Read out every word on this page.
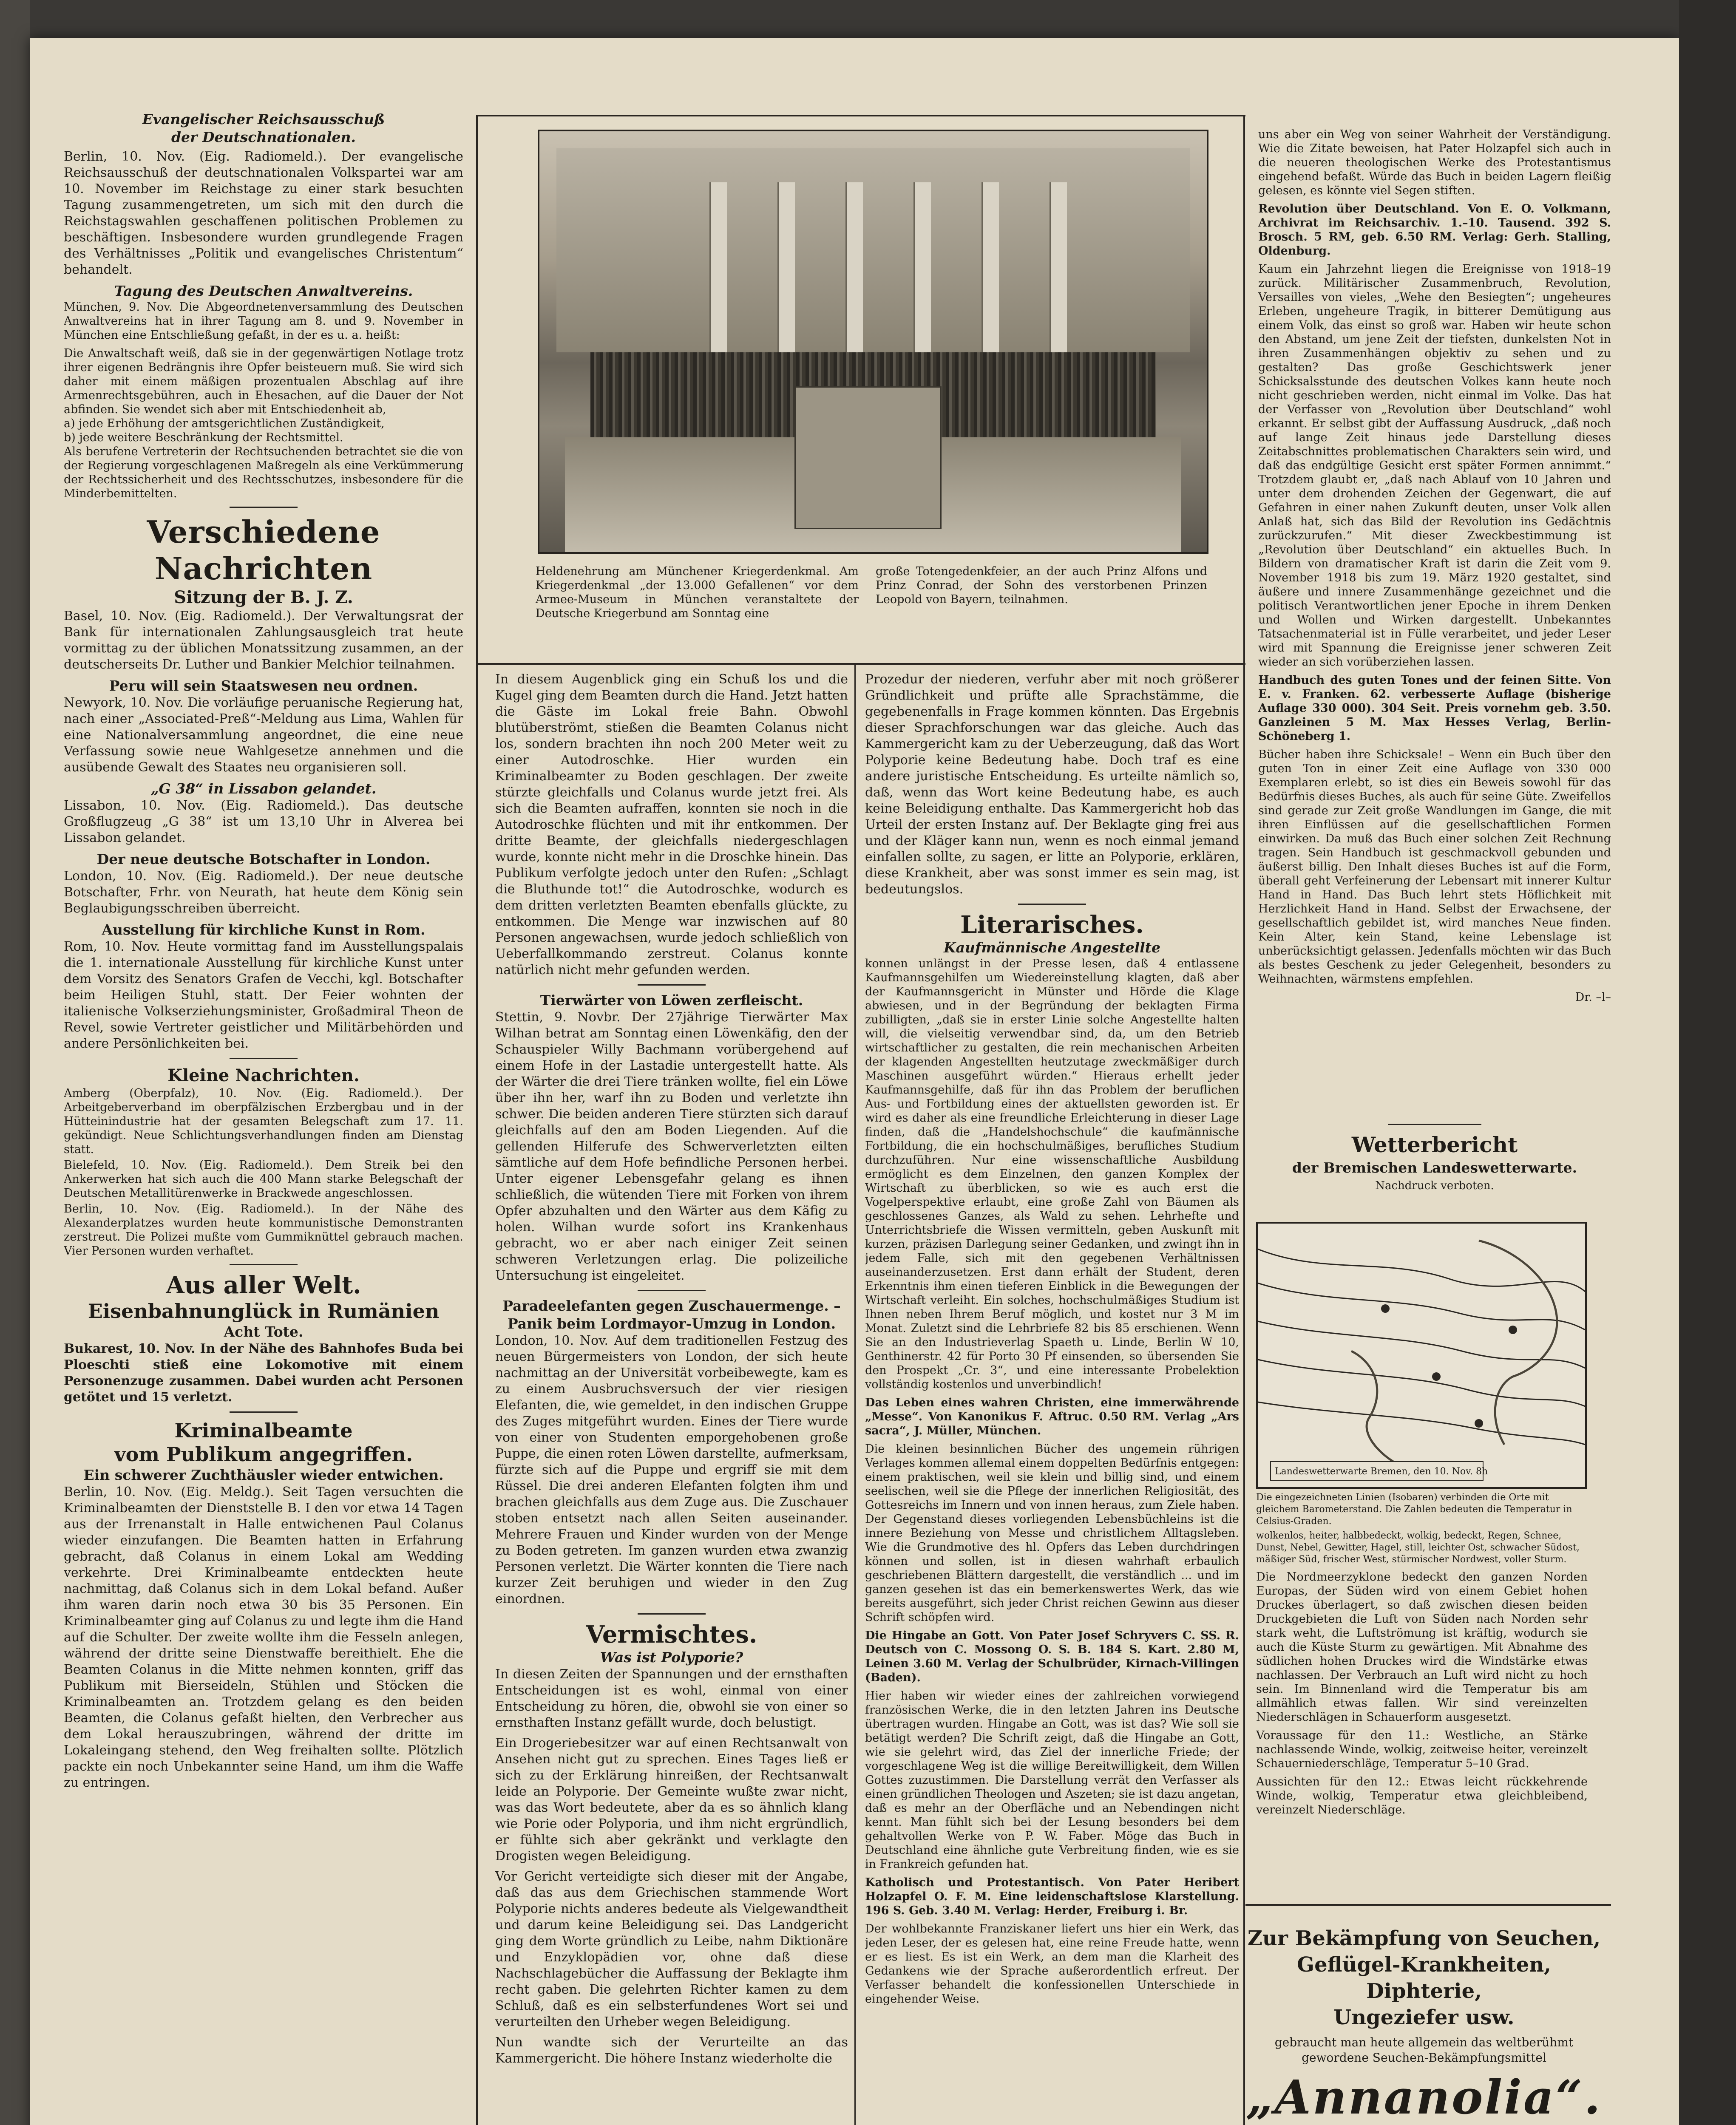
Evangelischer Reichsausschuß

der Deutschnationalen.

Berlin, 10. Nov. (Eig. Radiomeld.). Der evangelische Reichsausschuß der deutschnationalen Volkspartei war am 10. November im Reichstage zu einer stark besuchten Tagung zusammengetreten, um sich mit den durch die Reichstagswahlen geschaffenen politischen Problemen zu beschäftigen. Insbesondere wurden grundlegende Fragen des Verhältnisses „Politik und evangelisches Christentum“ behandelt.

Tagung des Deutschen Anwaltvereins.

München, 9. Nov. Die Abgeordnetenversammlung des Deutschen Anwaltvereins hat in ihrer Tagung am 8. und 9. November in München eine Entschließung gefaßt, in der es u. a. heißt:

Die Anwaltschaft weiß, daß sie in der gegenwärtigen Notlage trotz ihrer eigenen Bedrängnis ihre Opfer beisteuern muß. Sie wird sich daher mit einem mäßigen prozentualen Abschlag auf ihre Armenrechtsgebühren, auch in Ehesachen, auf die Dauer der Not abfinden. Sie wendet sich aber mit Entschiedenheit ab,

a) jede Erhöhung der amtsgerichtlichen Zuständigkeit,

b) jede weitere Beschränkung der Rechtsmittel.

Als berufene Vertreterin der Rechtsuchenden betrachtet sie die von der Regierung vorgeschlagenen Maßregeln als eine Verkümmerung der Rechtssicherheit und des Rechtsschutzes, insbesondere für die Minderbemittelten.

Verschiedene Nachrichten

Sitzung der B. J. Z.

Basel, 10. Nov. (Eig. Radiomeld.). Der Verwaltungsrat der Bank für internationalen Zahlungsausgleich trat heute vormittag zu der üblichen Monatssitzung zusammen, an der deutscherseits Dr. Luther und Bankier Melchior teilnahmen.

Peru will sein Staatswesen neu ordnen.

Newyork, 10. Nov. Die vorläufige peruanische Regierung hat, nach einer „Associated-Preß“-Meldung aus Lima, Wahlen für eine Nationalversammlung angeordnet, die eine neue Verfassung sowie neue Wahlgesetze annehmen und die ausübende Gewalt des Staates neu organisieren soll.

„G 38“ in Lissabon gelandet.

Lissabon, 10. Nov. (Eig. Radiomeld.). Das deutsche Großflugzeug „G 38“ ist um 13,10 Uhr in Alverea bei Lissabon gelandet.

Der neue deutsche Botschafter in London.

London, 10. Nov. (Eig. Radiomeld.). Der neue deutsche Botschafter, Frhr. von Neurath, hat heute dem König sein Beglaubigungsschreiben überreicht.

Ausstellung für kirchliche Kunst in Rom.

Rom, 10. Nov. Heute vormittag fand im Ausstellungspalais die 1. internationale Ausstellung für kirchliche Kunst unter dem Vorsitz des Senators Grafen de Vecchi, kgl. Botschafter beim Heiligen Stuhl, statt. Der Feier wohnten der italienische Volkserziehungsminister, Großadmiral Theon de Revel, sowie Vertreter geistlicher und Militärbehörden und andere Persönlichkeiten bei.

Kleine Nachrichten.

Amberg (Oberpfalz), 10. Nov. (Eig. Radiomeld.). Der Arbeitgeberverband im oberpfälzischen Erzbergbau und in der Hütteinindustrie hat der gesamten Belegschaft zum 17. 11. gekündigt. Neue Schlichtungsverhandlungen finden am Dienstag statt.

Bielefeld, 10. Nov. (Eig. Radiomeld.). Dem Streik bei den Ankerwerken hat sich auch die 400 Mann starke Belegschaft der Deutschen Metallitürenwerke in Brackwede angeschlossen.

Berlin, 10. Nov. (Eig. Radiomeld.). In der Nähe des Alexanderplatzes wurden heute kommunistische Demonstranten zerstreut. Die Polizei mußte vom Gummiknüttel gebrauch machen. Vier Personen wurden verhaftet.

Aus aller Welt.

Eisenbahnunglück in Rumänien

Acht Tote.

Bukarest, 10. Nov. In der Nähe des Bahnhofes Buda bei Ploeschti stieß eine Lokomotive mit einem Personenzuge zusammen. Dabei wurden acht Personen getötet und 15 verletzt.

Kriminalbeamte

vom Publikum angegriffen.

Ein schwerer Zuchthäusler wieder entwichen.

Berlin, 10. Nov. (Eig. Meldg.). Seit Tagen versuchten die Kriminalbeamten der Dienststelle B. I den vor etwa 14 Tagen aus der Irrenanstalt in Halle entwichenen Paul Colanus wieder einzufangen. Die Beamten hatten in Erfahrung gebracht, daß Colanus in einem Lokal am Wedding verkehrte. Drei Kriminalbeamte entdeckten heute nachmittag, daß Colanus sich in dem Lokal befand. Außer ihm waren darin noch etwa 30 bis 35 Personen. Ein Kriminalbeamter ging auf Colanus zu und legte ihm die Hand auf die Schulter. Der zweite wollte ihm die Fesseln anlegen, während der dritte seine Dienstwaffe bereithielt. Ehe die Beamten Colanus in die Mitte nehmen konnten, griff das Publikum mit Bierseideln, Stühlen und Stöcken die Kriminalbeamten an. Trotzdem gelang es den beiden Beamten, die Colanus gefaßt hielten, den Verbrecher aus dem Lokal herauszubringen, während der dritte im Lokaleingang stehend, den Weg freihalten sollte. Plötzlich packte ein noch Unbekannter seine Hand, um ihm die Waffe zu entringen.

Heldenehrung am Münchener Kriegerdenkmal. Am Kriegerdenkmal „der 13.000 Gefallenen“ vor dem Armee-Museum in München veranstaltete der Deutsche Kriegerbund am Sonntag eine

große Totengedenkfeier, an der auch Prinz Alfons und Prinz Conrad, der Sohn des verstorbenen Prinzen Leopold von Bayern, teilnahmen.

In diesem Augenblick ging ein Schuß los und die Kugel ging dem Beamten durch die Hand. Jetzt hatten die Gäste im Lokal freie Bahn. Obwohl blutüberströmt, stießen die Beamten Colanus nicht los, sondern brachten ihn noch 200 Meter weit zu einer Autodroschke. Hier wurden ein Kriminalbeamter zu Boden geschlagen. Der zweite stürzte gleichfalls und Colanus wurde jetzt frei. Als sich die Beamten aufraffen, konnten sie noch in die Autodroschke flüchten und mit ihr entkommen. Der dritte Beamte, der gleichfalls niedergeschlagen wurde, konnte nicht mehr in die Droschke hinein. Das Publikum verfolgte jedoch unter den Rufen: „Schlagt die Bluthunde tot!“ die Autodroschke, wodurch es dem dritten verletzten Beamten ebenfalls glückte, zu entkommen. Die Menge war inzwischen auf 80 Personen angewachsen, wurde jedoch schließlich von Ueberfallkommando zerstreut. Colanus konnte natürlich nicht mehr gefunden werden.

Tierwärter von Löwen zerfleischt.

Stettin, 9. Novbr. Der 27jährige Tierwärter Max Wilhan betrat am Sonntag einen Löwenkäfig, den der Schauspieler Willy Bachmann vorübergehend auf einem Hofe in der Lastadie untergestellt hatte. Als der Wärter die drei Tiere tränken wollte, fiel ein Löwe über ihn her, warf ihn zu Boden und verletzte ihn schwer. Die beiden anderen Tiere stürzten sich darauf gleichfalls auf den am Boden Liegenden. Auf die gellenden Hilferufe des Schwerverletzten eilten sämtliche auf dem Hofe befindliche Personen herbei. Unter eigener Lebensgefahr gelang es ihnen schließlich, die wütenden Tiere mit Forken von ihrem Opfer abzuhalten und den Wärter aus dem Käfig zu holen. Wilhan wurde sofort ins Krankenhaus gebracht, wo er aber nach einiger Zeit seinen schweren Verletzungen erlag. Die polizeiliche Untersuchung ist eingeleitet.

Paradeelefanten gegen Zuschauermenge. –

Panik beim Lordmayor-Umzug in London.

London, 10. Nov. Auf dem traditionellen Festzug des neuen Bürgermeisters von London, der sich heute nachmittag an der Universität vorbeibewegte, kam es zu einem Ausbruchsversuch der vier riesigen Elefanten, die, wie gemeldet, in den indischen Gruppe des Zuges mitgeführt wurden. Eines der Tiere wurde von einer von Studenten emporgehobenen große Puppe, die einen roten Löwen darstellte, aufmerksam, fürzte sich auf die Puppe und ergriff sie mit dem Rüssel. Die drei anderen Elefanten folgten ihm und brachen gleichfalls aus dem Zuge aus. Die Zuschauer stoben entsetzt nach allen Seiten auseinander. Mehrere Frauen und Kinder wurden von der Menge zu Boden getreten. Im ganzen wurden etwa zwanzig Personen verletzt. Die Wärter konnten die Tiere nach kurzer Zeit beruhigen und wieder in den Zug einordnen.

Vermischtes.

Was ist Polyporie?

In diesen Zeiten der Spannungen und der ernsthaften Entscheidungen ist es wohl, einmal von einer Entscheidung zu hören, die, obwohl sie von einer so ernsthaften Instanz gefällt wurde, doch belustigt.

Ein Drogeriebesitzer war auf einen Rechtsanwalt von Ansehen nicht gut zu sprechen. Eines Tages ließ er sich zu der Erklärung hinreißen, der Rechtsanwalt leide an Polyporie. Der Gemeinte wußte zwar nicht, was das Wort bedeutete, aber da es so ähnlich klang wie Porie oder Polyporia, und ihm nicht ergründlich, er fühlte sich aber gekränkt und verklagte den Drogisten wegen Beleidigung.

Vor Gericht verteidigte sich dieser mit der Angabe, daß das aus dem Griechischen stammende Wort Polyporie nichts anderes bedeute als Vielgewandtheit und darum keine Beleidigung sei. Das Landgericht ging dem Worte gründlich zu Leibe, nahm Diktionäre und Enzyklopädien vor, ohne daß diese Nachschlagebücher die Auffassung der Beklagte ihm recht gaben. Die gelehrten Richter kamen zu dem Schluß, daß es ein selbsterfundenes Wort sei und verurteilten den Urheber wegen Beleidigung.

Nun wandte sich der Verurteilte an das Kammergericht. Die höhere Instanz wiederholte die

Prozedur der niederen, verfuhr aber mit noch größerer Gründlichkeit und prüfte alle Sprachstämme, die gegebenenfalls in Frage kommen könnten. Das Ergebnis dieser Sprachforschungen war das gleiche. Auch das Kammergericht kam zu der Ueberzeugung, daß das Wort Polyporie keine Bedeutung habe. Doch traf es eine andere juristische Entscheidung. Es urteilte nämlich so, daß, wenn das Wort keine Bedeutung habe, es auch keine Beleidigung enthalte. Das Kammergericht hob das Urteil der ersten Instanz auf. Der Beklagte ging frei aus und der Kläger kann nun, wenn es noch einmal jemand einfallen sollte, zu sagen, er litte an Polyporie, erklären, diese Krankheit, aber was sonst immer es sein mag, ist bedeutungslos.

Literarisches.

Kaufmännische Angestellte

konnen unlängst in der Presse lesen, daß 4 entlassene Kaufmannsgehilfen um Wiedereinstellung klagten, daß aber der Kaufmannsgericht in Münster und Hörde die Klage abwiesen, und in der Begründung der beklagten Firma zubilligten, „daß sie in erster Linie solche Angestellte halten will, die vielseitig verwendbar sind, da, um den Betrieb wirtschaftlicher zu gestalten, die rein mechanischen Arbeiten der klagenden Angestellten heutzutage zweckmäßiger durch Maschinen ausgeführt würden.“ Hieraus erhellt jeder Kaufmannsgehilfe, daß für ihn das Problem der beruflichen Aus- und Fortbildung eines der aktuellsten geworden ist. Er wird es daher als eine freundliche Erleichterung in dieser Lage finden, daß die „Handelshochschule“ die kaufmännische Fortbildung, die ein hochschulmäßiges, berufliches Studium durchzuführen. Nur eine wissenschaftliche Ausbildung ermöglicht es dem Einzelnen, den ganzen Komplex der Wirtschaft zu überblicken, so wie es auch erst die Vogelperspektive erlaubt, eine große Zahl von Bäumen als geschlossenes Ganzes, als Wald zu sehen. Lehrhefte und Unterrichtsbriefe die Wissen vermitteln, geben Auskunft mit kurzen, präzisen Darlegung seiner Gedanken, und zwingt ihn in jedem Falle, sich mit den gegebenen Verhältnissen auseinanderzusetzen. Erst dann erhält der Student, deren Erkenntnis ihm einen tieferen Einblick in die Bewegungen der Wirtschaft verleiht. Ein solches, hochschulmäßiges Studium ist Ihnen neben Ihrem Beruf möglich, und kostet nur 3 M im Monat. Zuletzt sind die Lehrbriefe 82 bis 85 erschienen. Wenn Sie an den Industrieverlag Spaeth u. Linde, Berlin W 10, Genthinerstr. 42 für Porto 30 Pf einsenden, so übersenden Sie den Prospekt „Cr. 3“, und eine interessante Probelektion vollständig kostenlos und unverbindlich!

Das Leben eines wahren Christen, eine immerwährende „Messe“. Von Kanonikus F. Aftruc. 0.50 RM. Verlag „Ars sacra“, J. Müller, München.

Die kleinen besinnlichen Bücher des ungemein rührigen Verlages kommen allemal einem doppelten Bedürfnis entgegen: einem praktischen, weil sie klein und billig sind, und einem seelischen, weil sie die Pflege der innerlichen Religiosität, des Gottesreichs im Innern und von innen heraus, zum Ziele haben. Der Gegenstand dieses vorliegenden Lebensbüchleins ist die innere Beziehung von Messe und christlichem Alltagsleben. Wie die Grundmotive des hl. Opfers das Leben durchdringen können und sollen, ist in diesen wahrhaft erbaulich geschriebenen Blättern dargestellt, die verständlich ... und im ganzen gesehen ist das ein bemerkenswertes Werk, das wie bereits ausgeführt, sich jeder Christ reichen Gewinn aus dieser Schrift schöpfen wird.

Die Hingabe an Gott. Von Pater Josef Schryvers C. SS. R. Deutsch von C. Mossong O. S. B. 184 S. Kart. 2.80 M, Leinen 3.60 M. Verlag der Schulbrüder, Kirnach-Villingen (Baden).

Hier haben wir wieder eines der zahlreichen vorwiegend französischen Werke, die in den letzten Jahren ins Deutsche übertragen wurden. Hingabe an Gott, was ist das? Wie soll sie betätigt werden? Die Schrift zeigt, daß die Hingabe an Gott, wie sie gelehrt wird, das Ziel der innerliche Friede; der vorgeschlagene Weg ist die willige Bereitwilligkeit, dem Willen Gottes zuzustimmen. Die Darstellung verrät den Verfasser als einen gründlichen Theologen und Aszeten; sie ist dazu angetan, daß es mehr an der Oberfläche und an Nebendingen nicht kennt. Man fühlt sich bei der Lesung besonders bei dem gehaltvollen Werke von P. W. Faber. Möge das Buch in Deutschland eine ähnliche gute Verbreitung finden, wie es sie in Frankreich gefunden hat.

Katholisch und Protestantisch. Von Pater Heribert Holzapfel O. F. M. Eine leidenschaftslose Klarstellung. 196 S. Geb. 3.40 M. Verlag: Herder, Freiburg i. Br.

Der wohlbekannte Franziskaner liefert uns hier ein Werk, das jeden Leser, der es gelesen hat, eine reine Freude hatte, wenn er es liest. Es ist ein Werk, an dem man die Klarheit des Gedankens wie der Sprache außerordentlich erfreut. Der Verfasser behandelt die konfessionellen Unterschiede in eingehender Weise.

uns aber ein Weg von seiner Wahrheit der Verständigung. Wie die Zitate beweisen, hat Pater Holzapfel sich auch in die neueren theologischen Werke des Protestantismus eingehend befaßt. Würde das Buch in beiden Lagern fleißig gelesen, es könnte viel Segen stiften.

Revolution über Deutschland. Von E. O. Volkmann, Archivrat im Reichsarchiv. 1.–10. Tausend. 392 S. Brosch. 5 RM, geb. 6.50 RM. Verlag: Gerh. Stalling, Oldenburg.

Kaum ein Jahrzehnt liegen die Ereignisse von 1918–19 zurück. Militärischer Zusammenbruch, Revolution, Versailles von vieles, „Wehe den Besiegten“; ungeheures Erleben, ungeheure Tragik, in bitterer Demütigung aus einem Volk, das einst so groß war. Haben wir heute schon den Abstand, um jene Zeit der tiefsten, dunkelsten Not in ihren Zusammenhängen objektiv zu sehen und zu gestalten? Das große Geschichtswerk jener Schicksalsstunde des deutschen Volkes kann heute noch nicht geschrieben werden, nicht einmal im Volke. Das hat der Verfasser von „Revolution über Deutschland“ wohl erkannt. Er selbst gibt der Auffassung Ausdruck, „daß noch auf lange Zeit hinaus jede Darstellung dieses Zeitabschnittes problematischen Charakters sein wird, und daß das endgültige Gesicht erst später Formen annimmt.“ Trotzdem glaubt er, „daß nach Ablauf von 10 Jahren und unter dem drohenden Zeichen der Gegenwart, die auf Gefahren in einer nahen Zukunft deuten, unser Volk allen Anlaß hat, sich das Bild der Revolution ins Gedächtnis zurückzurufen.“ Mit dieser Zweckbestimmung ist „Revolution über Deutschland“ ein aktuelles Buch. In Bildern von dramatischer Kraft ist darin die Zeit vom 9. November 1918 bis zum 19. März 1920 gestaltet, sind äußere und innere Zusammenhänge gezeichnet und die politisch Verantwortlichen jener Epoche in ihrem Denken und Wollen und Wirken dargestellt. Unbekanntes Tatsachenmaterial ist in Fülle verarbeitet, und jeder Leser wird mit Spannung die Ereignisse jener schweren Zeit wieder an sich vorüberziehen lassen.

Handbuch des guten Tones und der feinen Sitte. Von E. v. Franken. 62. verbesserte Auflage (bisherige Auflage 330 000). 304 Seit. Preis vornehm geb. 3.50. Ganzleinen 5 M. Max Hesses Verlag, Berlin-Schöneberg 1.

Bücher haben ihre Schicksale! – Wenn ein Buch über den guten Ton in einer Zeit eine Auflage von 330 000 Exemplaren erlebt, so ist dies ein Beweis sowohl für das Bedürfnis dieses Buches, als auch für seine Güte. Zweifellos sind gerade zur Zeit große Wandlungen im Gange, die mit ihren Einflüssen auf die gesellschaftlichen Formen einwirken. Da muß das Buch einer solchen Zeit Rechnung tragen. Sein Handbuch ist geschmackvoll gebunden und äußerst billig. Den Inhalt dieses Buches ist auf die Form, überall geht Verfeinerung der Lebensart mit innerer Kultur Hand in Hand. Das Buch lehrt stets Höflichkeit mit Herzlichkeit Hand in Hand. Selbst der Erwachsene, der gesellschaftlich gebildet ist, wird manches Neue finden. Kein Alter, kein Stand, keine Lebenslage ist unberücksichtigt gelassen. Jedenfalls möchten wir das Buch als bestes Geschenk zu jeder Gelegenheit, besonders zu Weihnachten, wärmstens empfehlen.

Dr. –l–

Wetterbericht

der Bremischen Landeswetterwarte.

Nachdruck verboten.

Landeswetterwarte Bremen, den 10. Nov. 8h

Die eingezeichneten Linien (Isobaren) verbinden die Orte mit gleichem Barometerstand. Die Zahlen bedeuten die Temperatur in Celsius-Graden.

wolkenlos, heiter, halbbedeckt, wolkig, bedeckt, Regen, Schnee, Dunst, Nebel, Gewitter, Hagel, still, leichter Ost, schwacher Südost, mäßiger Süd, frischer West, stürmischer Nordwest, voller Sturm.

Die Nordmeerzyklone bedeckt den ganzen Norden Europas, der Süden wird von einem Gebiet hohen Druckes überlagert, so daß zwischen diesen beiden Druckgebieten die Luft von Süden nach Norden sehr stark weht, die Luftströmung ist kräftig, wodurch sie auch die Küste Sturm zu gewärtigen. Mit Abnahme des südlichen hohen Druckes wird die Windstärke etwas nachlassen. Der Verbrauch an Luft wird nicht zu hoch sein. Im Binnenland wird die Temperatur bis am allmählich etwas fallen. Wir sind vereinzelten Niederschlägen in Schauerform ausgesetzt.

Voraussage für den 11.: Westliche, an Stärke nachlassende Winde, wolkig, zeitweise heiter, vereinzelt Schauerniederschläge, Temperatur 5–10 Grad.

Aussichten für den 12.: Etwas leicht rückkehrende Winde, wolkig, Temperatur etwa gleichbleibend, vereinzelt Niederschläge.

Zur Bekämpfung von Seuchen,

Geflügel-Krankheiten, Diphterie,

Ungeziefer usw.

gebraucht man heute allgemein das weltberühmt gewordene Seuchen-Bekämpfungsmittel

„Annanolia“.
